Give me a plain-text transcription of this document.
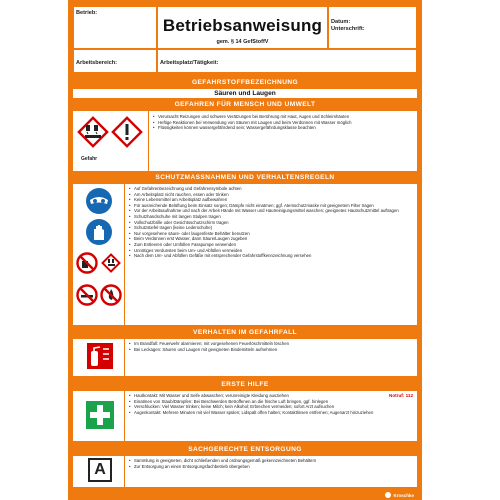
Betrieb:
Betriebsanweisung
gem. § 14 GefStoffV
Datum:
Unterschrift:
Arbeitsbereich:	Arbeitsplatz/Tätigkeit:
GEFAHRSTOFFBEZEICHNUNG
Säuren und Laugen
GEFAHREN FÜR MENSCH UND UMWELT
Gefahr
• Verursacht Reizungen und schwere Verätzungen bei Berührung mit Haut, Augen und Schleimhäuten
• Heftige Reaktionen bei Verwendung von Säuren mit Laugen und beim Verdünnen mit Wasser möglich
• Flüssigkeiten können wassergefährdend sein; Wassergefährdungsklasse beachten
SCHUTZMASSNAHMEN UND VERHALTENSREGELN
• Auf Gefahrenbezeichnung und Gefahrensymbole achten
• Am Arbeitsplatz nicht rauchen, essen oder trinken
• Keine Lebensmittel am Arbeitsplatz aufbewahren
• Für ausreichende Belüftung beim Einsatz sorgen; Dämpfe nicht einatmen; ggf. Atemschutzmaske mit geeignetem Filter tragen
• Vor der Arbeitsaufnahme und nach der Arbeit Hände mit Wasser und Hautreinigungsmittel waschen; geeignetes Hautschutzmittel auftragen
• Schutzhandschuhe mit langen Stulpen tragen
• Vollschutzbrille oder Gesichtsschutzschirm tragen
• Schutzstiefel tragen (keine Lederschuhe)
• Nur vorgesehene säure- oder laugenfeste Behälter benutzen
• Beim Verdünnen erst Wasser, dann Säure/Laugen zugeben
• Zum Entleeren oder Umfüllen Fasspumpe verwenden
• Unnötiges Verdunsten beim Um- und Abfüllen vermeiden
• Nach dem Um- und Abfüllen Gefäße mit entsprechender Gefahrstoffkennzeichnung versehen
VERHALTEN IM GEFAHRFALL
• Im Brandfall: Feuerwehr alarmieren; mit vorgesehenen Feuerlöschmitteln löschen
• Bei Leckagen: Säuren und Laugen mit geeigneten Bindemitteln aufnehmen
ERSTE HILFE
Notruf: 112
• Hautkontakt: Mit Wasser und Seife abwaschen; verunreinigte Kleidung ausziehen
• Einatmen von Staub/Dämpfen: Bei Beschwerden Betroffenen an die frische Luft bringen, ggf. hinlegen
• Verschlucken: Viel Wasser trinken; keine Milch; kein Alkohol; Erbrechen vermeiden; sofort Arzt aufsuchen
• Augenkontakt: Mehrere Minuten mit viel Wasser spülen; Lidspalt offen halten; Kontaktlinsen entfernen; Augenarzt hinzuziehen
SACHGERECHTE ENTSORGUNG
A
• Sammlung in geeigneten, dicht schließenden und ordnungsgemäß gekennzeichneten Behältern
• Zur Entsorgung an einen Entsorgungsfachbetrieb übergeben
Kroschke
